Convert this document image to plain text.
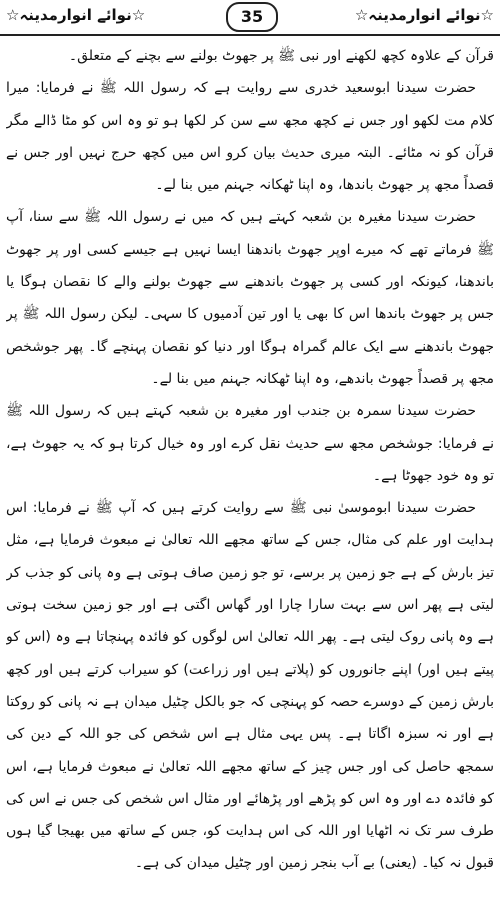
☆نوائے انوارمدینہ☆	35	☆نوائے انوارمدینہ☆

قرآن کے علاوہ کچھ لکھنے اور نبی ﷺ پر جھوٹ بولنے سے بچنے کے متعلق۔

حضرت سیدنا ابوسعید خدری سے روایت ہے کہ رسول اللہ ﷺ نے فرمایا: میرا کلام مت لکھو اور جس نے کچھ مجھ سے سن کر لکھا ہو تو وہ اس کو مٹا ڈالے مگر قرآن کو نہ مٹائے۔ البتہ میری حدیث بیان کرو اس میں کچھ حرج نہیں اور جس نے قصداً مجھ پر جھوٹ باندھا، وہ اپنا ٹھکانہ جہنم میں بنا لے۔

حضرت سیدنا مغیرہ بن شعبہ کہتے ہیں کہ میں نے رسول اللہ ﷺ سے سنا، آپ ﷺ فرماتے تھے کہ میرے اوپر جھوٹ باندھنا ایسا نہیں ہے جیسے کسی اور پر جھوٹ باندھنا، کیونکہ اور کسی پر جھوٹ باندھنے سے جھوٹ بولنے والے کا نقصان ہوگا یا جس پر جھوٹ باندھا اس کا بھی یا اور تین آدمیوں کا سہی۔ لیکن رسول اللہ ﷺ پر جھوٹ باندھنے سے ایک عالم گمراہ ہوگا اور دنیا کو نقصان پہنچے گا۔ پھر جوشخص مجھ پر قصداً جھوٹ باندھے، وہ اپنا ٹھکانہ جہنم میں بنا لے۔

حضرت سیدنا سمرہ بن جندب اور مغیرہ بن شعبہ کہتے ہیں کہ رسول اللہ ﷺ نے فرمایا: جوشخص مجھ سے حدیث نقل کرے اور وہ خیال کرتا ہو کہ یہ جھوٹ ہے، تو وہ خود جھوٹا ہے۔

حضرت سیدنا ابوموسیٰ نبی ﷺ سے روایت کرتے ہیں کہ آپ ﷺ نے فرمایا: اس ہدایت اور علم کی مثال، جس کے ساتھ مجھے اللہ تعالیٰ نے مبعوث فرمایا ہے، مثل تیز بارش کے ہے جو زمین پر برسے، تو جو زمین صاف ہوتی ہے وہ پانی کو جذب کر لیتی ہے پھر اس سے بہت سارا چارا اور گھاس اگتی ہے اور جو زمین سخت ہوتی ہے وہ پانی روک لیتی ہے۔ پھر اللہ تعالیٰ اس لوگوں کو فائدہ پہنچاتا ہے وہ (اس کو پیتے ہیں اور) اپنے جانوروں کو (پلاتے ہیں اور زراعت) کو سیراب کرتے ہیں اور کچھ بارش زمین کے دوسرے حصہ کو پہنچی کہ جو بالکل چٹیل میدان ہے نہ پانی کو روکتا ہے اور نہ سبزہ اگاتا ہے۔ پس یہی مثال ہے اس شخص کی جو اللہ کے دین کی سمجھ حاصل کی اور جس چیز کے ساتھ مجھے اللہ تعالیٰ نے مبعوث فرمایا ہے، اس کو فائدہ دے اور وہ اس کو پڑھے اور پڑھائے اور مثال اس شخص کی جس نے اس کی طرف سر تک نہ اٹھایا اور اللہ کی اس ہدایت کو، جس کے ساتھ میں بھیجا گیا ہوں قبول نہ کیا۔ (یعنی) بے آب بنجر زمین اور چٹیل میدان کی ہے۔
